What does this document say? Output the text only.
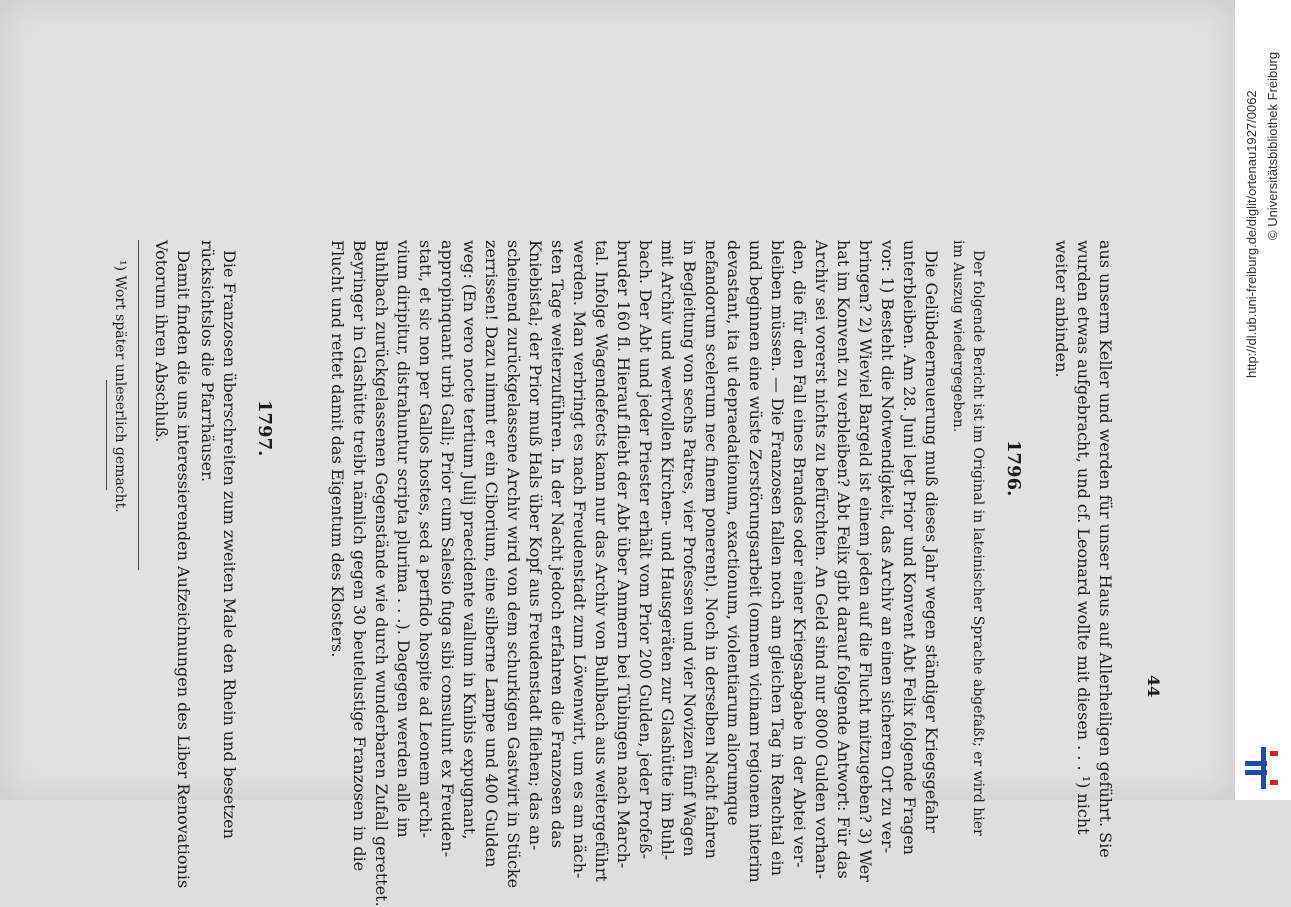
44
aus unserm Keller und werden für unser Haus auf Allerheiligen geführt. Sie
wurden etwas aufgebracht, und cf. Leonard wollte mit diesen . . . ¹) nicht
weiter anbinden.
1796.
Der folgende Bericht ist im Original in lateinischer Sprache abgefaßt; er wird hier
im Auszug wiedergegeben.
Die Gelübdeerneuerung muß dieses Jahr wegen ständiger Kriegsgefahr
unterbleiben. Am 28. Juni legt Prior und Konvent Abt Felix folgende Fragen
vor: 1) Besteht die Notwendigkeit, das Archiv an einen sicheren Ort zu ver-
bringen? 2) Wieviel Bargeld ist einem jeden auf die Flucht mitzugeben? 3) Wer
hat im Konvent zu verbleiben? Abt Felix gibt darauf folgende Antwort: Für das
Archiv sei vorerst nichts zu befürchten. An Geld sind nur 8000 Gulden vorhan-
den, die für den Fall eines Brandes oder einer Kriegsabgabe in der Abtei ver-
bleiben müssen. — Die Franzosen fallen noch am gleichen Tag in Renchtal ein
und beginnen eine wüste Zerstörungsarbeit (omnem vicinam regionem interim
devastant, ita ut depraedationum, exactionum, violentiarum aliorumque
nefandorum scelerum nec finem ponerent). Noch in derselben Nacht fahren
in Begleitung von sechs Patres, vier Professen und vier Novizen fünf Wagen
mit Archiv und wertvollen Kirchen- und Hausgeräten zur Glashütte im Buhl-
bach. Der Abt und jeder Priester erhält vom Prior 200 Gulden, jeder Profeß-
bruder 160 fl. Hierauf flieht der Abt über Ammern bei Tübingen nach March-
tal. Infolge Wagendefects kann nur das Archiv von Buhlbach aus weitergeführt
werden. Man verbringt es nach Freudenstadt zum Löwenwirt, um es am näch-
sten Tage weiterzuführen. In der Nacht jedoch erfahren die Franzosen das
Kniebistal; der Prior muß Hals über Kopf aus Freudenstadt fliehen; das an-
scheinend zurückgelassene Archiv wird von dem schurkigen Gastwirt in Stücke
zerrissen! Dazu nimmt er ein Ciborium, eine silberne Lampe und 400 Gulden
weg: (En vero nocte tertium Julij praecidente vallum in Knibis expugnant,
appropinquant urbi Galli; Prior cum Salesio fuga sibi consulunt ex Freuden-
statt, et sic non per Gallos hostes, sed a perfido hospite ad Leonem archi-
vium diripitur, distrahuntur scripta plurima . . .). Dagegen werden alle im
Buhlbach zurückgelassenen Gegenstände wie durch wunderbaren Zufall gerettet.
Beyringer in Glashütte treibt nämlich gegen 30 beutelustige Franzosen in die
Flucht und rettet damit das Eigentum des Klosters.
1797.
Die Franzosen überschreiten zum zweiten Male den Rhein und besetzen
rücksichtslos die Pfarrhäuser.
Damit finden die uns interessierenden Aufzeichnungen des Liber Renovationis
Votorum ihren Abschluß.
¹) Wort später unleserlich gemacht.
http://dl.ub.uni-freiburg.de/diglit/ortenau1927/0062 © Universitätsbibliothek Freiburg
